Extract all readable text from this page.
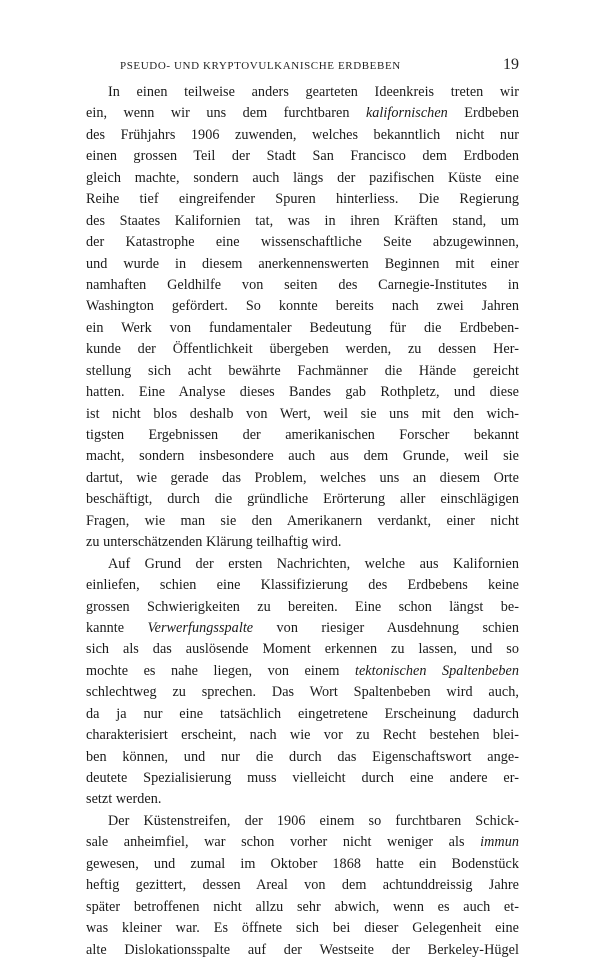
PSEUDO- UND KRYPTOVULKANISCHE ERDBEBEN	19
In einen teilweise anders gearteten Ideenkreis treten wir
ein, wenn wir uns dem furchtbaren kalifornischen Erdbeben
des Frühjahrs 1906 zuwenden, welches bekanntlich nicht nur
einen grossen Teil der Stadt San Francisco dem Erdboden
gleich machte, sondern auch längs der pazifischen Küste eine
Reihe tief eingreifender Spuren hinterliess. Die Regierung
des Staates Kalifornien tat, was in ihren Kräften stand, um
der Katastrophe eine wissenschaftliche Seite abzugewinnen,
und wurde in diesem anerkennenswerten Beginnen mit einer
namhaften Geldhilfe von seiten des Carnegie-Institutes in
Washington gefördert. So konnte bereits nach zwei Jahren
ein Werk von fundamentaler Bedeutung für die Erdbeben-
kunde der Öffentlichkeit übergeben werden, zu dessen Her-
stellung sich acht bewährte Fachmänner die Hände gereicht
hatten. Eine Analyse dieses Bandes gab Rothpletz, und diese
ist nicht blos deshalb von Wert, weil sie uns mit den wich-
tigsten Ergebnissen der amerikanischen Forscher bekannt
macht, sondern insbesondere auch aus dem Grunde, weil sie
dartut, wie gerade das Problem, welches uns an diesem Orte
beschäftigt, durch die gründliche Erörterung aller einschlägigen
Fragen, wie man sie den Amerikanern verdankt, einer nicht
zu unterschätzenden Klärung teilhaftig wird.
Auf Grund der ersten Nachrichten, welche aus Kalifornien
einliefen, schien eine Klassifizierung des Erdbebens keine
grossen Schwierigkeiten zu bereiten. Eine schon längst be-
kannte Verwerfungsspalte von riesiger Ausdehnung schien
sich als das auslösende Moment erkennen zu lassen, und so
mochte es nahe liegen, von einem tektonischen Spaltenbeben
schlechtweg zu sprechen. Das Wort Spaltenbeben wird auch,
da ja nur eine tatsächlich eingetretene Erscheinung dadurch
charakterisiert erscheint, nach wie vor zu Recht bestehen blei-
ben können, und nur die durch das Eigenschaftswort ange-
deutete Spezialisierung muss vielleicht durch eine andere er-
setzt werden.
Der Küstenstreifen, der 1906 einem so furchtbaren Schick-
sale anheimfiel, war schon vorher nicht weniger als immun
gewesen, und zumal im Oktober 1868 hatte ein Bodenstück
heftig gezittert, dessen Areal von dem achtunddreissig Jahre
später betroffenen nicht allzu sehr abwich, wenn es auch et-
was kleiner war. Es öffnete sich bei dieser Gelegenheit eine
alte Dislokationsspalte auf der Westseite der Berkeley-Hügel
